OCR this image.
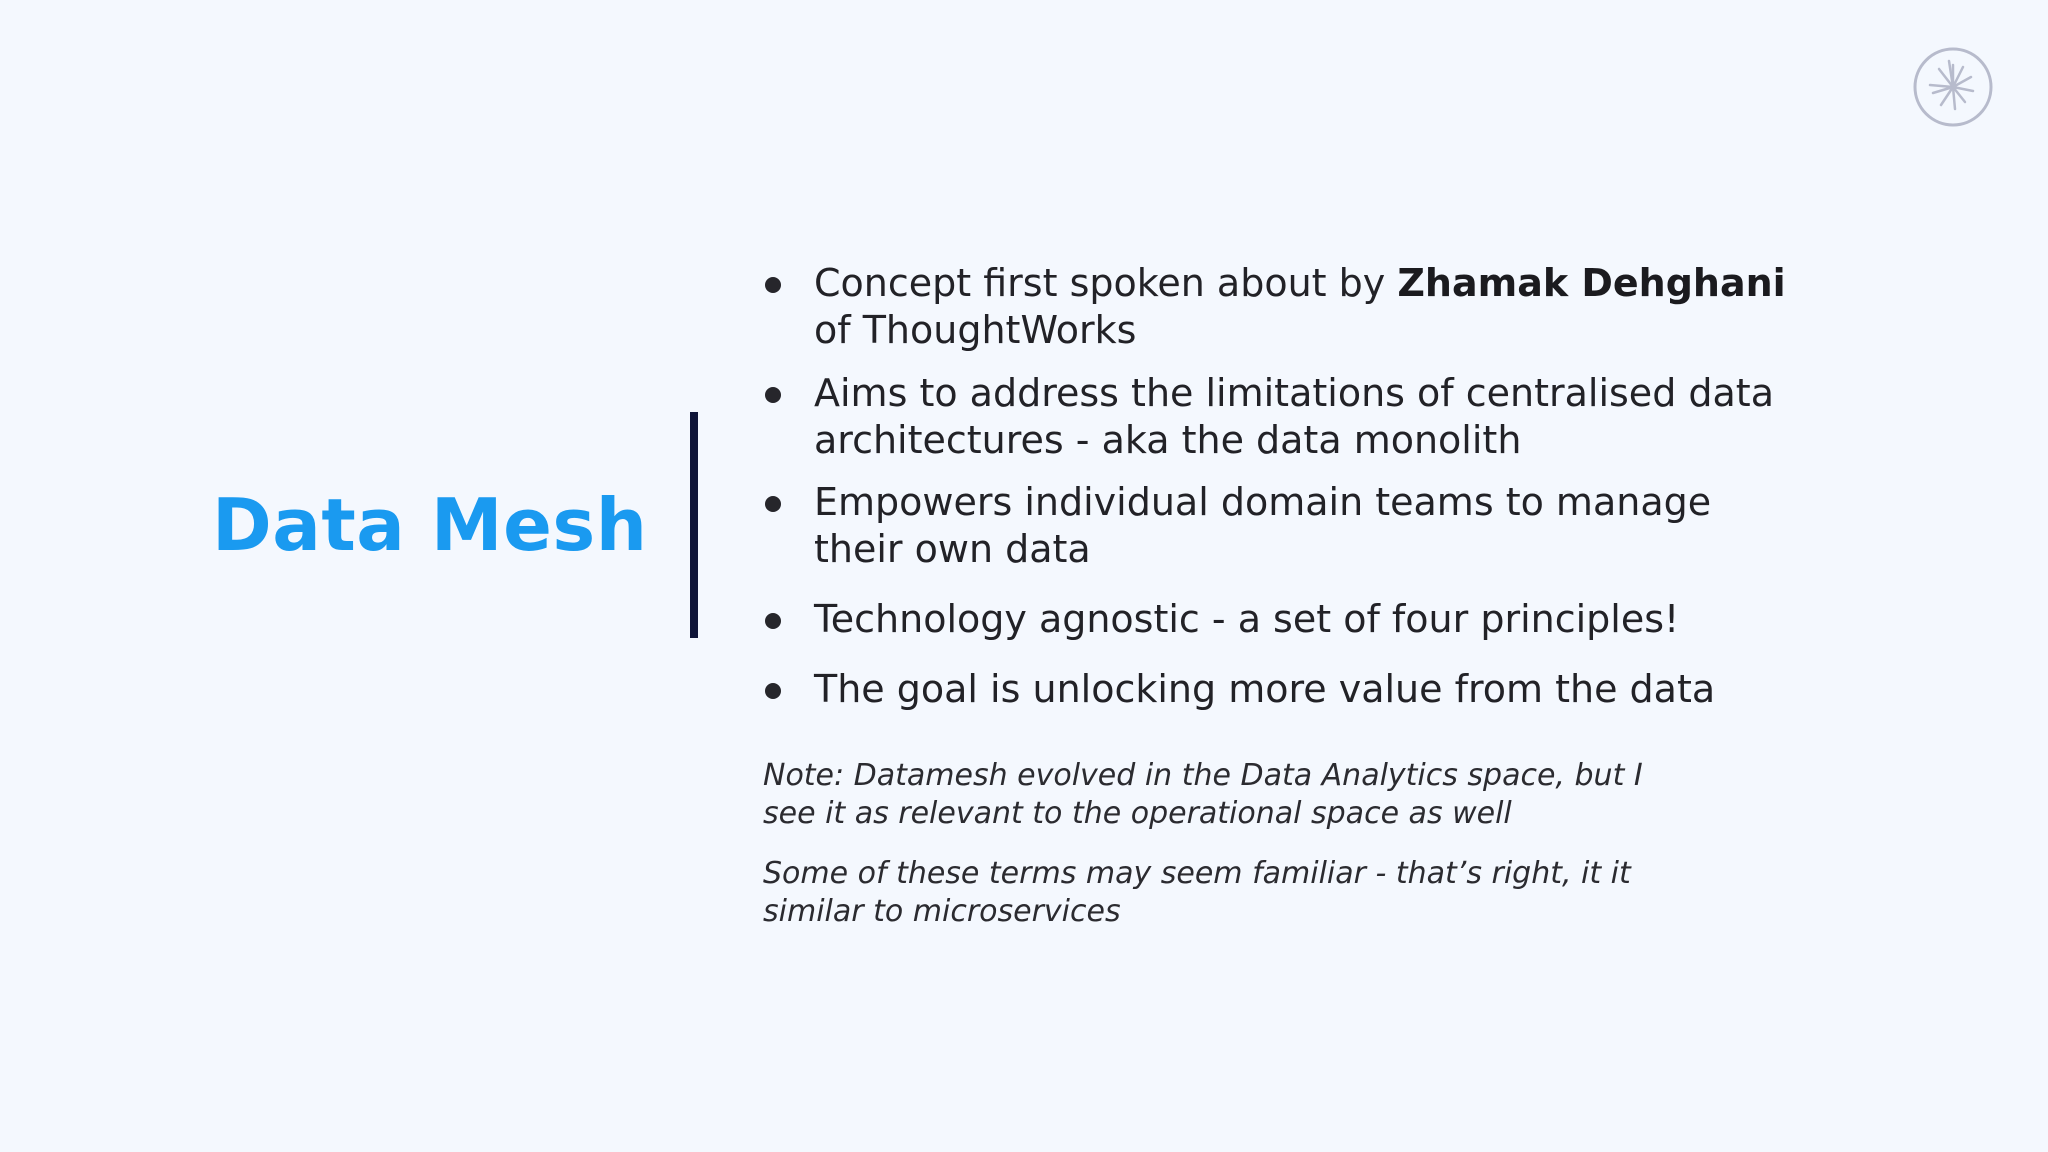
Data Mesh
Concept first spoken about by Zhamak Dehghani
of ThoughtWorks
Aims to address the limitations of centralised data
architectures - aka the data monolith
Empowers individual domain teams to manage
their own data
Technology agnostic - a set of four principles!
The goal is unlocking more value from the data
Note: Datamesh evolved in the Data Analytics space, but I
see it as relevant to the operational space as well
Some of these terms may seem familiar - that’s right, it it
similar to microservices
